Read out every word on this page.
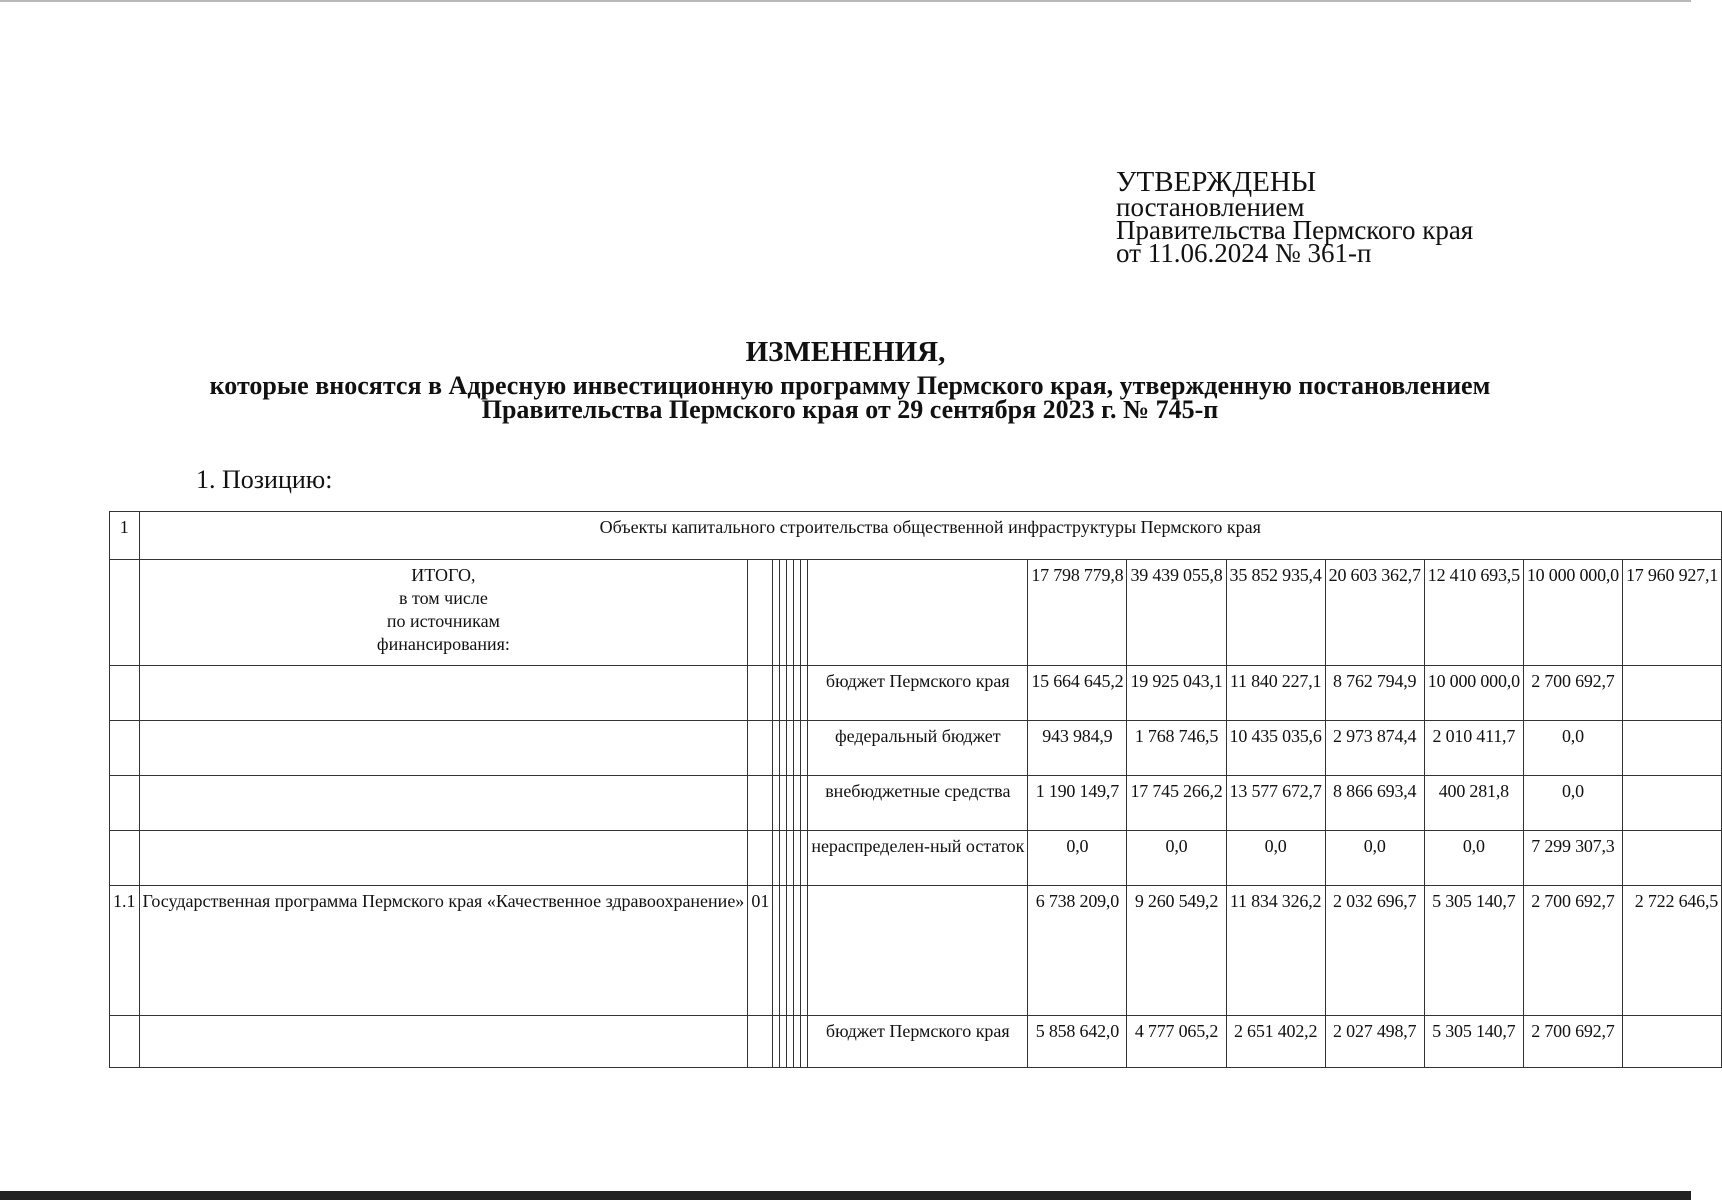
УТВЕРЖДЕНЫ
постановлением
Правительства Пермского края
от 11.06.2024 № 361-п
ИЗМЕНЕНИЯ,
которые вносятся в Адресную инвестиционную программу Пермского края, утвержденную постановлением
Правительства Пермского края от 29 сентября 2023 г. № 745-п
1. Позицию:
1	Объекты капитального строительства общественной инфраструктуры Пермского края														
	ИТОГО,
в том числе
по источникам
финансирования:								17 798 779,8	39 439 055,8	35 852 935,4	20 603 362,7	12 410 693,5	10 000 000,0	17 960 927,1
								бюджет Пермского края	15 664 645,2	19 925 043,1	11 840 227,1	8 762 794,9	10 000 000,0	2 700 692,7	
								федеральный бюджет	943 984,9	1 768 746,5	10 435 035,6	2 973 874,4	2 010 411,7	0,0	
								внебюджетные средства	1 190 149,7	17 745 266,2	13 577 672,7	8 866 693,4	400 281,8	0,0	
								нераспределен-ный остаток	0,0	0,0	0,0	0,0	0,0	7 299 307,3	
1.1	Государственная программа Пермского края «Качественное здравоохранение»	01							6 738 209,0	9 260 549,2	11 834 326,2	2 032 696,7	5 305 140,7	2 700 692,7	2 722 646,5
								бюджет Пермского края	5 858 642,0	4 777 065,2	2 651 402,2	2 027 498,7	5 305 140,7	2 700 692,7	
